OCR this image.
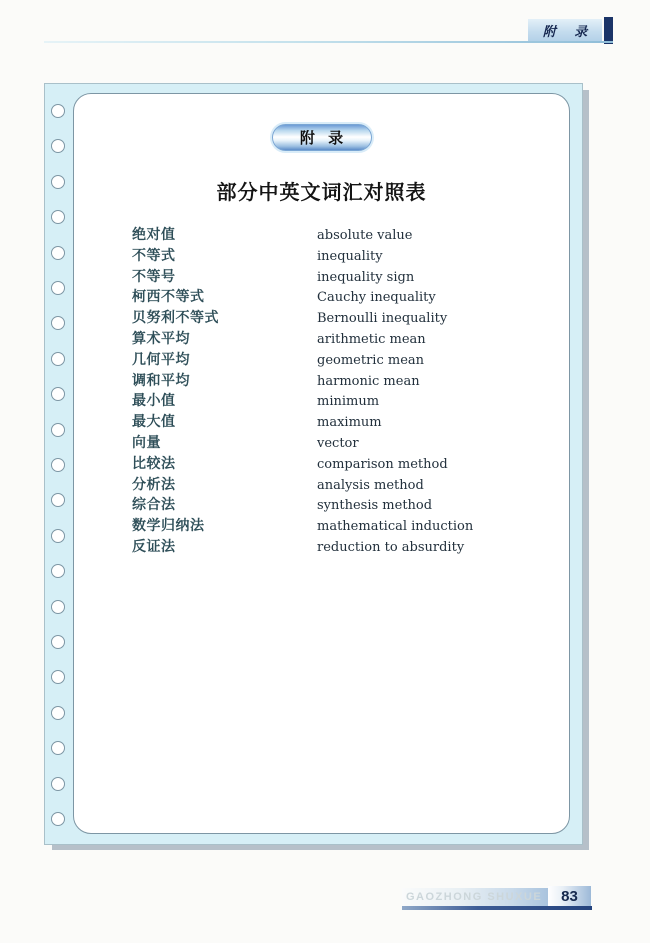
附 录
附 录
部分中英文词汇对照表
绝对值	absolute value
不等式	inequality
不等号	inequality sign
柯西不等式	Cauchy inequality
贝努利不等式	Bernoulli inequality
算术平均	arithmetic mean
几何平均	geometric mean
调和平均	harmonic mean
最小值	minimum
最大值	maximum
向量	vector
比较法	comparison method
分析法	analysis method
综合法	synthesis method
数学归纳法	mathematical induction
反证法	reduction to absurdity
GAOZHONG SHUXUE	83
